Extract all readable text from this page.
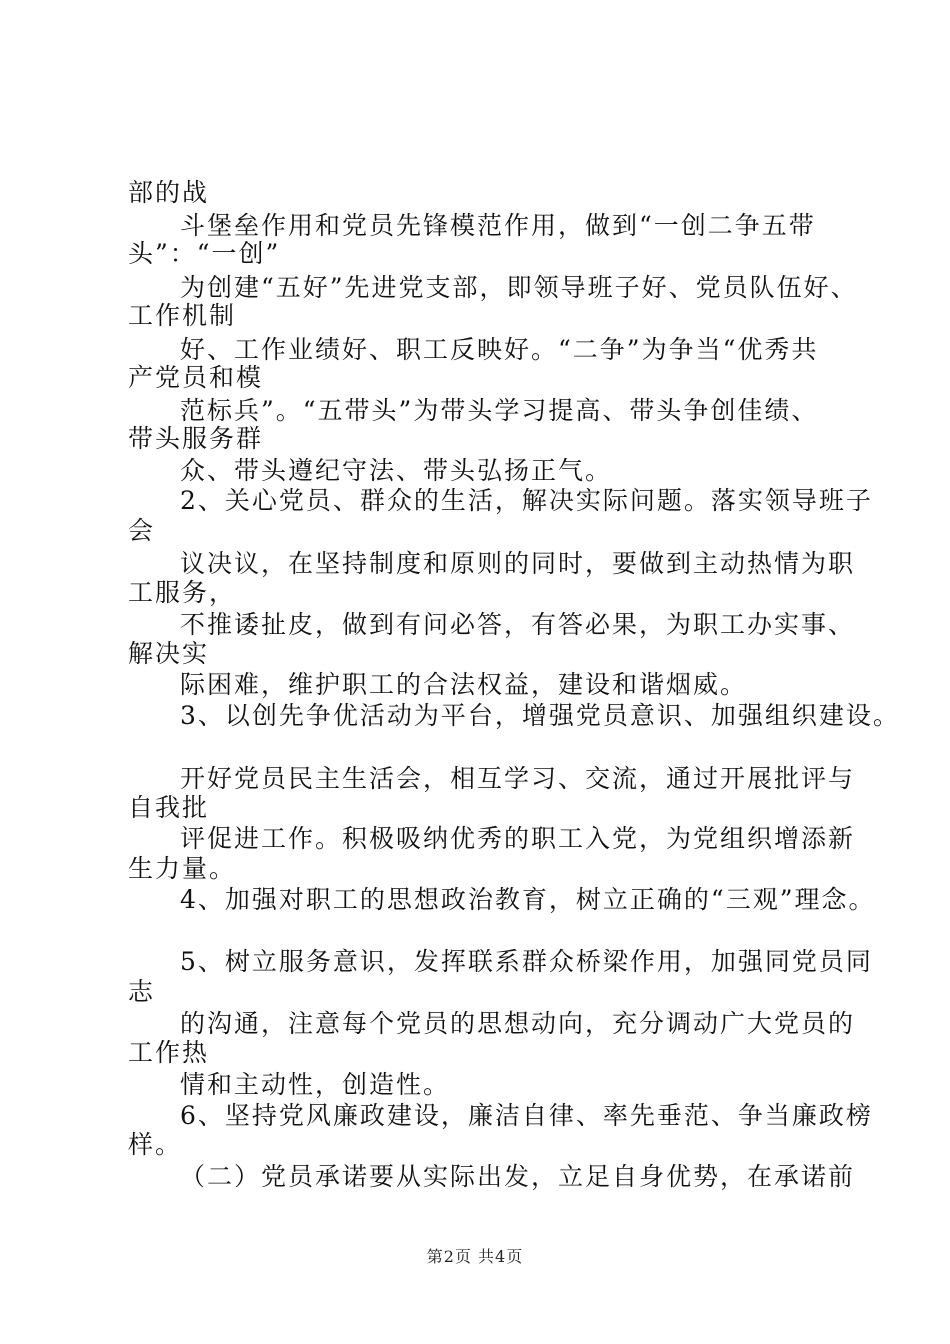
部的战
斗堡垒作用和党员先锋模范作用，做到“一创二争五带
头”：“一创”
为创建“五好”先进党支部，即领导班子好、党员队伍好、
工作机制
好、工作业绩好、职工反映好。“二争”为争当“优秀共
产党员和模
范标兵”。“五带头”为带头学习提高、带头争创佳绩、
带头服务群
众、带头遵纪守法、带头弘扬正气。
2、关心党员、群众的生活，解决实际问题。落实领导班子
会
议决议，在坚持制度和原则的同时，要做到主动热情为职
工服务，
不推诿扯皮，做到有问必答，有答必果，为职工办实事、
解决实
际困难，维护职工的合法权益，建设和谐烟威。
3、以创先争优活动为平台，增强党员意识、加强组织建设。
开好党员民主生活会，相互学习、交流，通过开展批评与
自我批
评促进工作。积极吸纳优秀的职工入党，为党组织增添新
生力量。
4、加强对职工的思想政治教育，树立正确的“三观”理念。
5、树立服务意识，发挥联系群众桥梁作用，加强同党员同
志
的沟通，注意每个党员的思想动向，充分调动广大党员的
工作热
情和主动性，创造性。
6、坚持党风廉政建设，廉洁自律、率先垂范、争当廉政榜
样。
（二）党员承诺要从实际出发，立足自身优势，在承诺前
第2页 共4页
